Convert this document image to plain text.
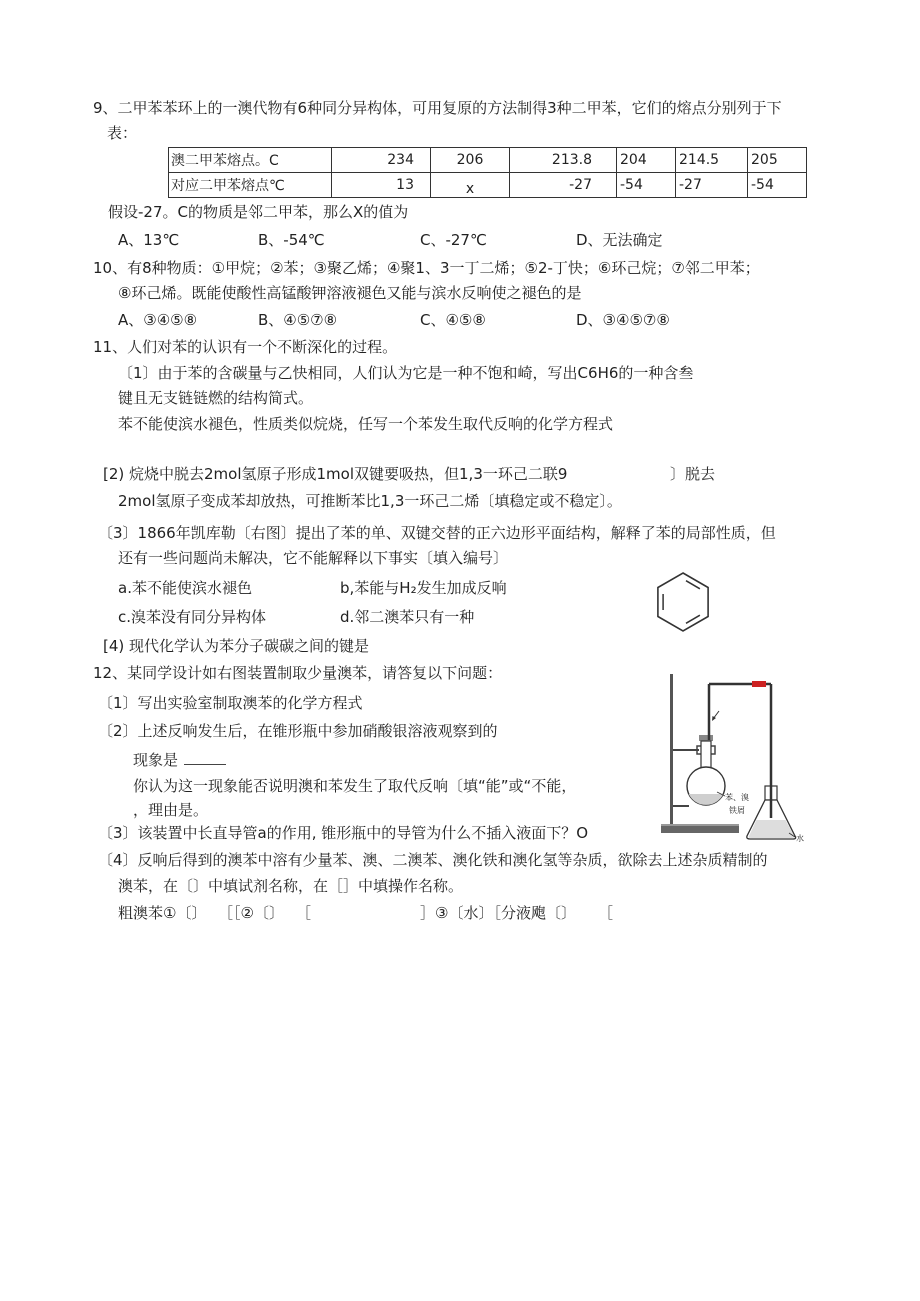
9、二甲苯苯环上的一澳代物有6种同分异构体，可用复原的方法制得3种二甲苯，它们的熔点分别列于下
表：
澳二甲苯熔点。C	234	206	213.8	204	214.5	205
对应二甲苯熔点℃	13	x	-27	-54	-27	-54
假设-27。C的物质是邻二甲苯，那么X的值为
A、13℃	B、-54℃	C、-27℃	D、无法确定
10、有8种物质：①甲烷；②苯；③聚乙烯；④聚1、3一丁二烯；⑤2-丁快；⑥环己烷；⑦邻二甲苯；
⑧环己烯。既能使酸性高锰酸钾溶液褪色又能与滨水反响使之褪色的是
A、③④⑤⑧	B、④⑤⑦⑧	C、④⑤⑧	D、③④⑤⑦⑧
11、人们对苯的认识有一个不断深化的过程。
〔1〕由于苯的含碳量与乙快相同，人们认为它是一种不饱和崎，写出C6H6的一种含叁
键且无支链链燃的结构简式。
苯不能使滨水褪色，性质类似烷烧，任写一个苯发生取代反响的化学方程式
[2) 烷烧中脱去2mol氢原子形成1mol双键要吸热，但1,3一环己二联9	〕脱去
2mol氢原子变成苯却放热，可推断苯比1,3一环己二烯〔填稳定或不稳定〕。
〔3〕1866年凯库勒〔右图〕提出了苯的单、双键交替的正六边形平面结构，解释了苯的局部性质，但
还有一些问题尚未解决，它不能解释以下事实〔填入编号〕
a.苯不能使滨水褪色	b,苯能与H₂发生加成反响
c.溴苯没有同分异构体	d.邻二澳苯只有一种
[4) 现代化学认为苯分子碳碳之间的键是
12、某同学设计如右图装置制取少量澳苯，请答复以下问题：
〔1〕写出实验室制取澳苯的化学方程式
〔2〕上述反响发生后，在锥形瓶中参加硝酸银溶液观察到的
现象是
你认为这一现象能否说明澳和苯发生了取代反响〔填“能”或“不能，
，理由是。
〔3〕该装置中长直导管a的作用, 锥形瓶中的导管为什么不插入液面下？O
〔4〕反响后得到的澳苯中溶有少量苯、澳、二澳苯、澳化铁和澳化氢等杂质，欲除去上述杂质精制的
澳苯，在〔〕中填试剂名称，在［］中填操作名称。
粗澳苯①〔〕 ［［②〔〕 ［	］③〔水〕［分液飑〔〕 ［
苯、溴
铁屑
水
